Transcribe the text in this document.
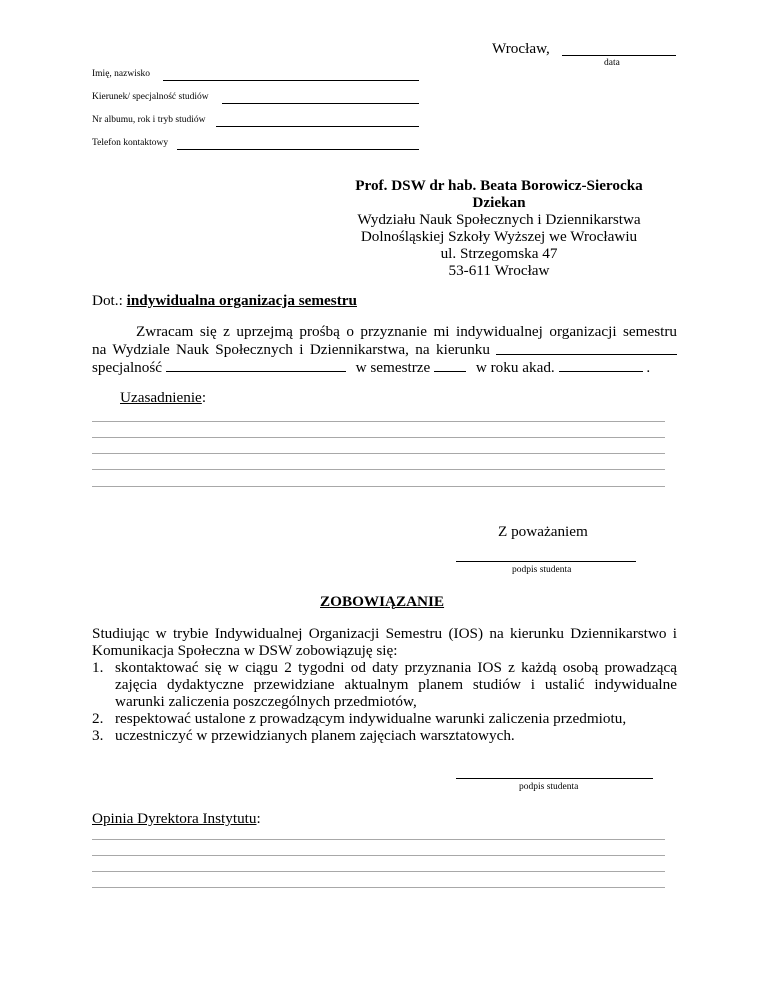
Wrocław,
data
Imię, nazwisko
Kierunek/ specjalność studiów
Nr albumu, rok i tryb studiów
Telefon kontaktowy
Prof. DSW dr hab. Beata Borowicz-Sierocka
Dziekan
Wydziału Nauk Społecznych i Dziennikarstwa
Dolnośląskiej Szkoły Wyższej we Wrocławiu
ul. Strzegomska 47
53-611 Wrocław
Dot.: indywidualna organizacja semestru
Zwracam się z uprzejmą prośbą o przyznanie mi indywidualnej organizacji semestru
na Wydziale Nauk Społecznych i Dziennikarstwa, na kierunku
specjalność	w semestrze	w roku akad.	.
Uzasadnienie:
Z poważaniem
podpis studenta
ZOBOWIĄZANIE
Studiując w trybie Indywidualnej Organizacji Semestru (IOS) na kierunku Dziennikarstwo i
Komunikacja Społeczna w DSW zobowiązuję się:
1. skontaktować się w ciągu 2 tygodni od daty przyznania IOS z każdą osobą prowadzącą
zajęcia dydaktyczne przewidziane aktualnym planem studiów i ustalić indywidualne
warunki zaliczenia poszczególnych przedmiotów,
2. respektować ustalone z prowadzącym indywidualne warunki zaliczenia przedmiotu,
3. uczestniczyć w przewidzianych planem zajęciach warsztatowych.
podpis studenta
Opinia Dyrektora Instytutu:
